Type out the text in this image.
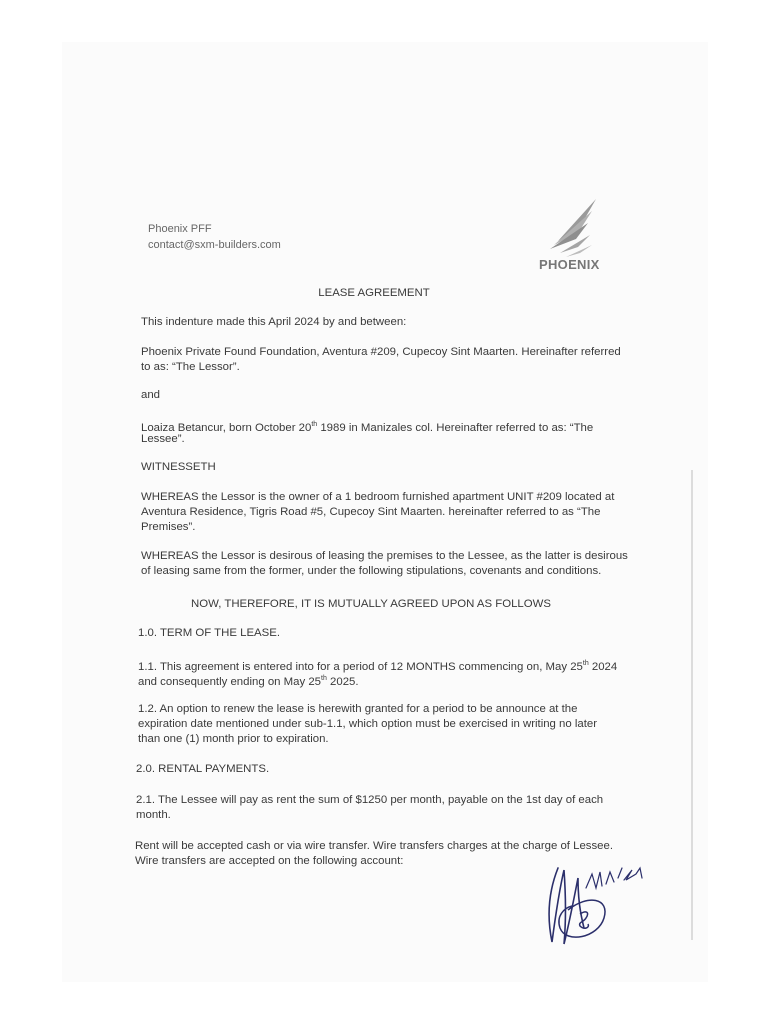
Phoenix PFF
contact@sxm-builders.com
PHOENIX
LEASE AGREEMENT
This indenture made this April 2024 by and between:
Phoenix Private Found Foundation, Aventura #209, Cupecoy Sint Maarten. Hereinafter referred
to as: “The Lessor”.
and
Loaiza Betancur, born October 20th 1989 in Manizales col. Hereinafter referred to as: “The
Lessee”.
WITNESSETH
WHEREAS the Lessor is the owner of a 1 bedroom furnished apartment UNIT #209 located at
Aventura Residence, Tigris Road #5, Cupecoy Sint Maarten. hereinafter referred to as “The
Premises”.
WHEREAS the Lessor is desirous of leasing the premises to the Lessee, as the latter is desirous
of leasing same from the former, under the following stipulations, covenants and conditions.
NOW, THEREFORE, IT IS MUTUALLY AGREED UPON AS FOLLOWS
1.0. TERM OF THE LEASE.
1.1. This agreement is entered into for a period of 12 MONTHS commencing on, May 25th 2024
and consequently ending on May 25th 2025.
1.2. An option to renew the lease is herewith granted for a period to be announce at the
expiration date mentioned under sub-1.1, which option must be exercised in writing no later
than one (1) month prior to expiration.
2.0. RENTAL PAYMENTS.
2.1. The Lessee will pay as rent the sum of $1250 per month, payable on the 1st day of each
month.
Rent will be accepted cash or via wire transfer. Wire transfers charges at the charge of Lessee.
Wire transfers are accepted on the following account:
